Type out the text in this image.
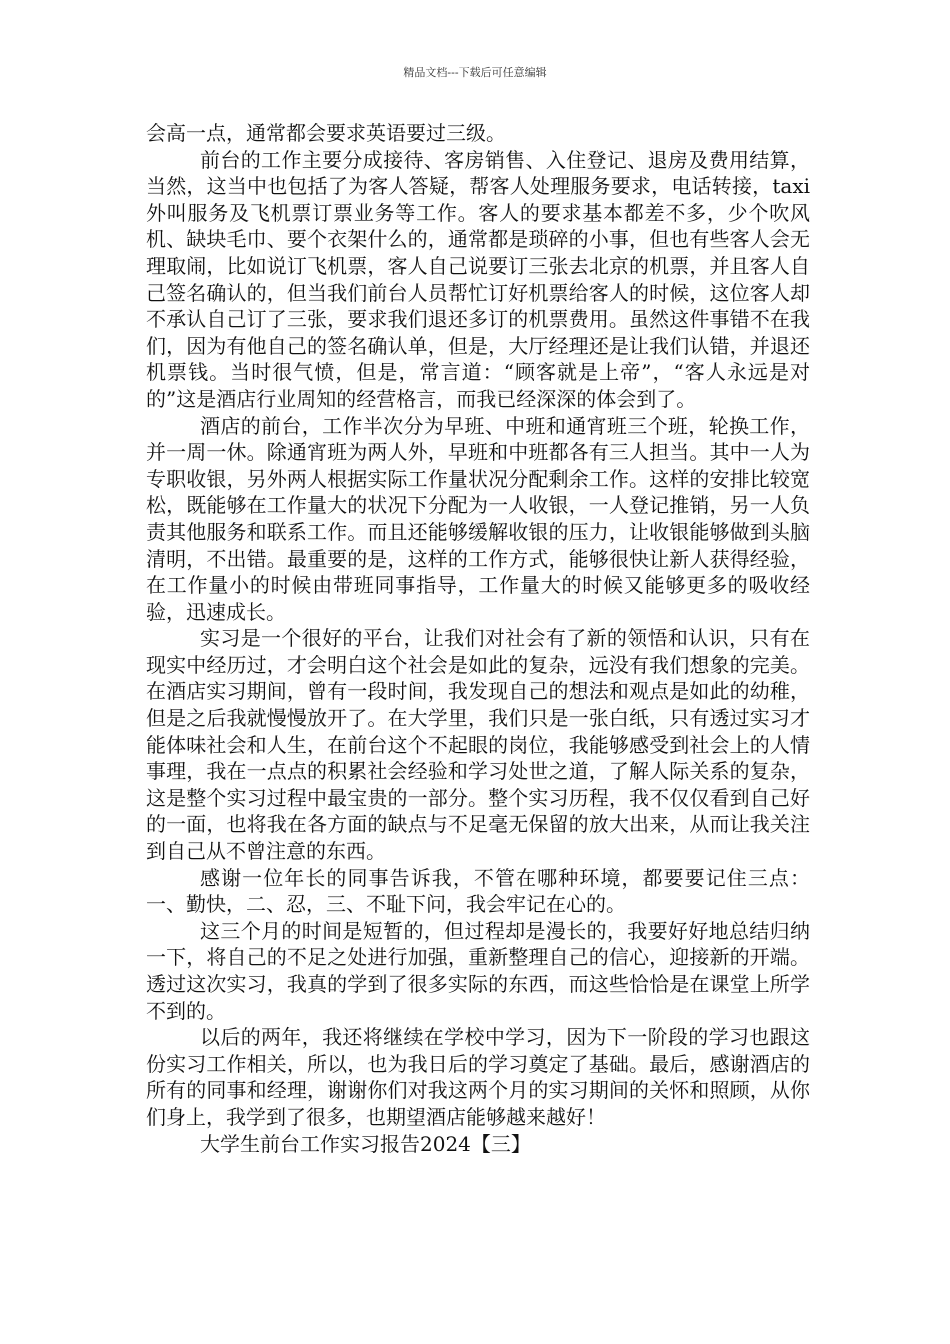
精品文档---下载后可任意编辑

会高一点，通常都会要求英语要过三级。

前台的工作主要分成接待、客房销售、入住登记、退房及费用结算，当然，这当中也包括了为客人答疑，帮客人处理服务要求，电话转接，taxi外叫服务及飞机票订票业务等工作。客人的要求基本都差不多，少个吹风机、缺块毛巾、要个衣架什么的，通常都是琐碎的小事，但也有些客人会无理取闹，比如说订飞机票，客人自己说要订三张去北京的机票，并且客人自己签名确认的，但当我们前台人员帮忙订好机票给客人的时候，这位客人却不承认自己订了三张，要求我们退还多订的机票费用。虽然这件事错不在我们，因为有他自己的签名确认单，但是，大厅经理还是让我们认错，并退还机票钱。当时很气愤，但是，常言道：“顾客就是上帝”，“客人永远是对的”这是酒店行业周知的经营格言，而我已经深深的体会到了。

酒店的前台，工作半次分为早班、中班和通宵班三个班，轮换工作，并一周一休。除通宵班为两人外，早班和中班都各有三人担当。其中一人为专职收银，另外两人根据实际工作量状况分配剩余工作。这样的安排比较宽松，既能够在工作量大的状况下分配为一人收银，一人登记推销，另一人负责其他服务和联系工作。而且还能够缓解收银的压力，让收银能够做到头脑清明，不出错。最重要的是，这样的工作方式，能够很快让新人获得经验，在工作量小的时候由带班同事指导，工作量大的时候又能够更多的吸收经验，迅速成长。

实习是一个很好的平台，让我们对社会有了新的领悟和认识，只有在现实中经历过，才会明白这个社会是如此的复杂，远没有我们想象的完美。在酒店实习期间，曾有一段时间，我发现自己的想法和观点是如此的幼稚，但是之后我就慢慢放开了。在大学里，我们只是一张白纸，只有透过实习才能体味社会和人生，在前台这个不起眼的岗位，我能够感受到社会上的人情事理，我在一点点的积累社会经验和学习处世之道，了解人际关系的复杂，这是整个实习过程中最宝贵的一部分。整个实习历程，我不仅仅看到自己好的一面，也将我在各方面的缺点与不足毫无保留的放大出来，从而让我关注到自己从不曾注意的东西。

感谢一位年长的同事告诉我，不管在哪种环境，都要要记住三点：一、勤快，二、忍，三、不耻下问，我会牢记在心的。

这三个月的时间是短暂的，但过程却是漫长的，我要好好地总结归纳一下，将自己的不足之处进行加强，重新整理自己的信心，迎接新的开端。透过这次实习，我真的学到了很多实际的东西，而这些恰恰是在课堂上所学不到的。

以后的两年，我还将继续在学校中学习，因为下一阶段的学习也跟这份实习工作相关，所以，也为我日后的学习奠定了基础。最后，感谢酒店的所有的同事和经理，谢谢你们对我这两个月的实习期间的关怀和照顾，从你们身上，我学到了很多，也期望酒店能够越来越好！

大学生前台工作实习报告2024【三】
